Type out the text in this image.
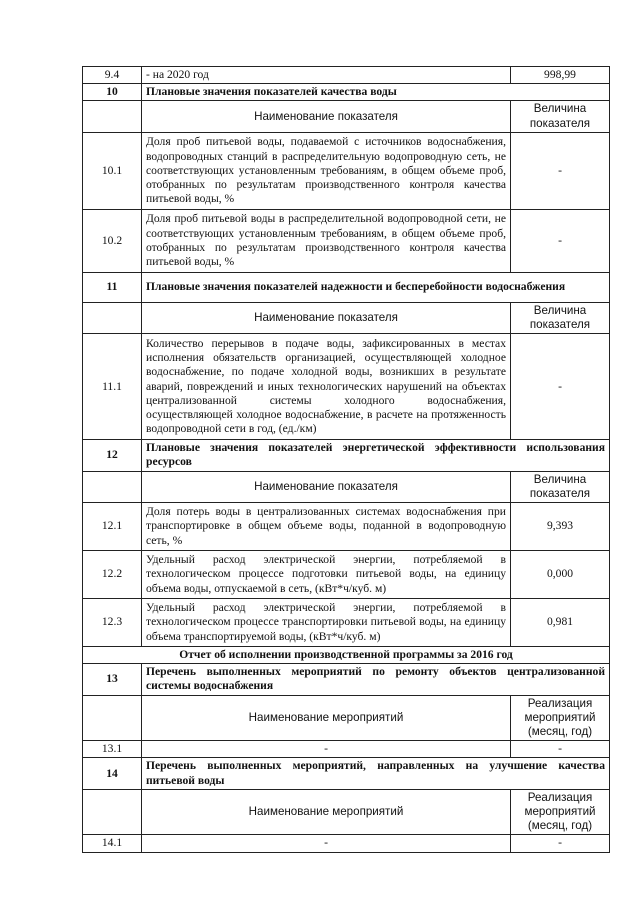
9.4	- на 2020 год	998,99
10	Плановые значения показателей качества воды	
	Наименование показателя	Величина показателя
10.1	Доля проб питьевой воды, подаваемой с источников водоснабжения, водопроводных станций в распределительную водопроводную сеть, не соответствующих установленным требованиям, в общем объеме проб, отобранных по результатам производственного контроля качества питьевой воды, %	-
10.2	Доля проб питьевой воды в распределительной водопроводной сети, не соответствующих установленным требованиям, в общем объеме проб, отобранных по результатам производственного контроля качества питьевой воды, %	-
11	Плановые значения показателей надежности и бесперебойности водоснабжения	
	Наименование показателя	Величина показателя
11.1	Количество перерывов в подаче воды, зафиксированных в местах исполнения обязательств организацией, осуществляющей холодное водоснабжение, по подаче холодной воды, возникших в результате аварий, повреждений и иных технологических нарушений на объектах централизованной системы холодного водоснабжения, осуществляющей холодное водоснабжение, в расчете на протяженность водопроводной сети в год, (ед./км)	-
12	Плановые значения показателей энергетической эффективности использования ресурсов	
	Наименование показателя	Величина показателя
12.1	Доля потерь воды в централизованных системах водоснабжения при транспортировке в общем объеме воды, поданной в водопроводную сеть, %	9,393
12.2	Удельный расход электрической энергии, потребляемой в технологическом процессе подготовки питьевой воды, на единицу объема воды, отпускаемой в сеть, (кВт*ч/куб. м)	0,000
12.3	Удельный расход электрической энергии, потребляемой в технологическом процессе транспортировки питьевой воды, на единицу объема транспортируемой воды, (кВт*ч/куб. м)	0,981
Отчет об исполнении производственной программы за 2016 год		
13	Перечень выполненных мероприятий по ремонту объектов централизованной системы водоснабжения	
	Наименование мероприятий	Реализация мероприятий (месяц, год)
13.1	-	-
14	Перечень выполненных мероприятий, направленных на улучшение качества питьевой воды	
	Наименование мероприятий	Реализация мероприятий (месяц, год)
14.1	-	-
